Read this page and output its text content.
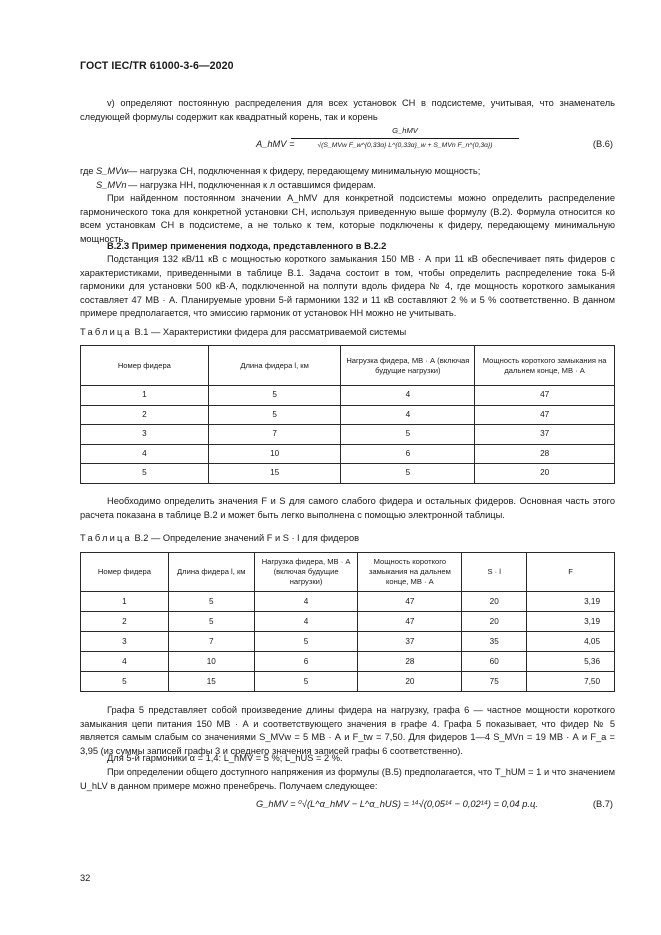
ГОСТ IEC/TR 61000-3-6—2020
v) определяют постоянную распределения для всех установок СН в подсистеме, учитывая, что знаменатель следующей формулы содержит как квадратный корень, так и корень
A_hMV =
G_hMV
√(S_MVw F_w^{0,33α} L^{0,33α}_w + S_MVn F_n^{0,3α})	(B.6)
где S_MVw — нагрузка СН, подключенная к фидеру, передающему минимальную мощность;
S_MVn — нагрузка НН, подключенная к л оставшимся фидерам.
При найденном постоянном значении A_hMV для конкретной подсистемы можно определить распределение гармонического тока для конкретной установки СН, используя приведенную выше формулу (B.2). Формула относится ко всем установкам СН в подсистеме, а не только к тем, которые подключены к фидеру, передающему минимальную мощность.
В.2.3 Пример применения подхода, представленного в В.2.2
Подстанция 132 кВ/11 кВ с мощностью короткого замыкания 150 МВ · А при 11 кВ обеспечивает пять фидеров с характеристиками, приведенными в таблице В.1. Задача состоит в том, чтобы определить распределение тока 5-й гармоники для установки 500 кВ·А, подключенной на полпути вдоль фидера № 4, где мощность короткого замыкания составляет 47 МВ · А. Планируемые уровни 5-й гармоники 132 и 11 кВ составляют 2 % и 5 % соответственно. В данном примере предполагается, что эмиссию гармоник от установок НН можно не учитывать.
Таблица В.1 — Характеристики фидера для рассматриваемой системы
Номер фидера	Длина фидера l, км	Нагрузка фидера, МВ · А (включая будущие нагрузки)	Мощность короткого замыкания на дальнем конце, МВ · А
1	5	4	47
2	5	4	47
3	7	5	37
4	10	6	28
5	15	5	20
Необходимо определить значения F и S для самого слабого фидера и остальных фидеров. Основная часть этого расчета показана в таблице В.2 и может быть легко выполнена с помощью электронной таблицы.
Таблица В.2 — Определение значений F и S · l для фидеров
Номер фидера	Длина фидера l, км	Нагрузка фидера, МВ · А (включая будущие нагрузки)	Мощность короткого замыкания на дальнем конце, МВ · А	S · l	F
1	5	4	47	20	3,19
2	5	4	47	20	3,19
3	7	5	37	35	4,05
4	10	6	28	60	5,36
5	15	5	20	75	7,50
Графа 5 представляет собой произведение длины фидера на нагрузку, графа 6 — частное мощности короткого замыкания цепи питания 150 МВ · А и соответствующего значения в графе 4. Графа 5 показывает, что фидер № 5 является самым слабым со значениями S_MVw = 5 МВ · А и F_tw = 7,50. Для фидеров 1—4 S_MVn = 19 МВ · А и F_a = 3,95 (из суммы записей графы 3 и среднего значения записей графы 6 соответственно).
Для 5-й гармоники α = 1,4: L_hMV = 5 %; L_hUS = 2 %.
При определении общего доступного напряжения из формулы (В.5) предполагается, что T_hUM = 1 и что значением U_hLV в данном примере можно пренебречь. Получаем следующее:
G_hMV = ⁰√(L^α_hMV − L^α_hUS) = ¹⁴√(0,05¹⁴ − 0,02¹⁴) = 0,04 р.ц.	(В.7)
32
